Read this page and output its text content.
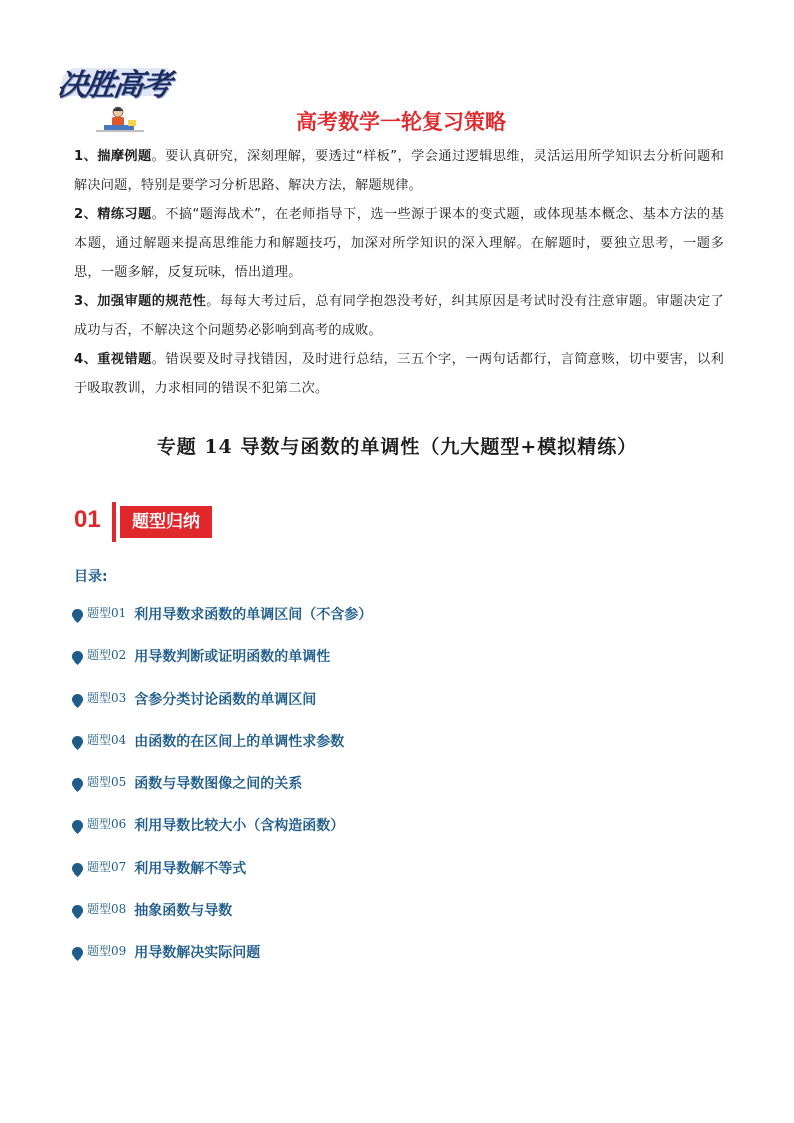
决胜高考
高考数学一轮复习策略

1、揣摩例题。要认真研究，深刻理解，要透过“样板”，学会通过逻辑思维，灵活运用所学知识去分析问题和解决问题，特别是要学习分析思路、解决方法，解题规律。

2、精练习题。不搞“题海战术”，在老师指导下，选一些源于课本的变式题，或体现基本概念、基本方法的基本题，通过解题来提高思维能力和解题技巧，加深对所学知识的深入理解。在解题时，要独立思考，一题多思，一题多解，反复玩味，悟出道理。

3、加强审题的规范性。每每大考过后，总有同学抱怨没考好，纠其原因是考试时没有注意审题。审题决定了成功与否，不解决这个问题势必影响到高考的成败。

4、重视错题。错误要及时寻找错因，及时进行总结，三五个字，一两句话都行，言简意赅，切中要害，以利于吸取教训，力求相同的错误不犯第二次。

专题 14 导数与函数的单调性（九大题型+模拟精练）
01	题型归纳
目录:
题型01 利用导数求函数的单调区间（不含参）
题型02 用导数判断或证明函数的单调性
题型03 含参分类讨论函数的单调区间
题型04 由函数的在区间上的单调性求参数
题型05 函数与导数图像之间的关系
题型06 利用导数比较大小（含构造函数）
题型07 利用导数解不等式
题型08 抽象函数与导数
题型09 用导数解决实际问题
